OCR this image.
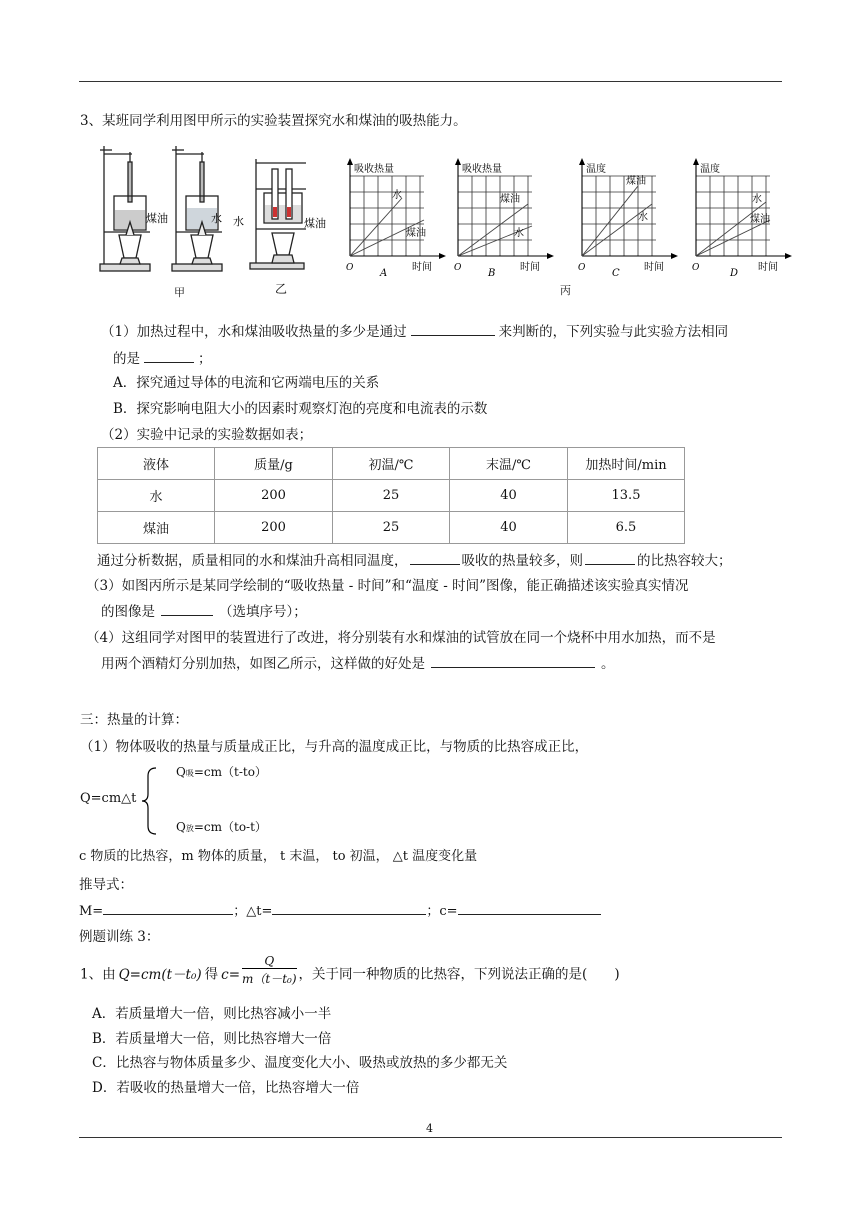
3、某班同学利用图甲所示的实验装置探究水和煤油的吸热能力。
煤油	水
甲
水	煤油
乙
吸收热量
水
煤油
O	A
时间
吸收热量
煤油
水
O	B
时间
丙
温度
煤油
水
O	C
时间
温度
水
煤油
O	D
时间
（1）加热过程中，水和煤油吸收热量的多少是通过	来判断的，下列实验与此实验方法相同
的是	；
A．探究通过导体的电流和它两端电压的关系
B．探究影响电阻大小的因素时观察灯泡的亮度和电流表的示数
（2）实验中记录的实验数据如表；
液体	质量/g	初温/℃	末温/℃	加热时间/min
水	200	25	40	13.5
煤油	200	25	40	6.5
通过分析数据，质量相同的水和煤油升高相同温度，	吸收的热量较多，则	的比热容较大；
（3）如图丙所示是某同学绘制的“吸收热量 - 时间”和“温度 - 时间”图像，能正确描述该实验真实情况
的图像是	（选填序号）；
（4）这组同学对图甲的装置进行了改进，将分别装有水和煤油的试管放在同一个烧杯中用水加热，而不是
用两个酒精灯分别加热，如图乙所示，这样做的好处是	。
三：热量的计算：
（1）物体吸收的热量与质量成正比，与升高的温度成正比，与物质的比热容成正比，
Q吸=cm（t-to）
Q=cm△t
Q放=cm（to-t）
c 物质的比热容，m 物体的质量， t 末温， to 初温， △t 温度变化量
推导式：
M=	；△t=	；c=
例题训练 3：
1、由 Q=cm(t－t₀) 得 $c= \frac{Q}{\text{m（t－t₀)}}$ ，关于同一种物质的比热容，下列说法正确的是(　　)
A．若质量增大一倍，则比热容减小一半
B．若质量增大一倍，则比热容增大一倍
C．比热容与物体质量多少、温度变化大小、吸热或放热的多少都无关
D．若吸收的热量增大一倍，比热容增大一倍
4
